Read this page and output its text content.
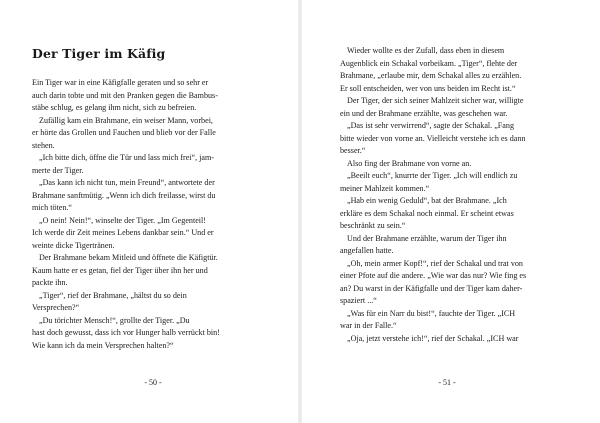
Der Tiger im Käfig
Ein Tiger war in eine Käfigfalle geraten und so sehr er
auch darin tobte und mit den Pranken gegen die Bambus-
stäbe schlug, es gelang ihm nicht, sich zu befreien.
Zufällig kam ein Brahmane, ein weiser Mann, vorbei,
er hörte das Grollen und Fauchen und blieb vor der Falle
stehen.
„Ich bitte dich, öffne die Tür und lass mich frei“, jam-
merte der Tiger.
„Das kann ich nicht tun, mein Freund“, antwortete der
Brahmane sanftmütig. „Wenn ich dich freilasse, wirst du
mich töten.“
„O nein! Nein!“, winselte der Tiger. „Im Gegenteil!
Ich werde dir Zeit meines Lebens dankbar sein.“ Und er
weinte dicke Tigertränen.
Der Brahmane bekam Mitleid und öffnete die Käfigtür.
Kaum hatte er es getan, fiel der Tiger über ihn her und
packte ihn.
„Tiger“, rief der Brahmane, „hältst du so dein
Versprechen?“
„Du törichter Mensch!“, grollte der Tiger. „Du
hast doch gewusst, dass ich vor Hunger halb verrückt bin!
Wie kann ich da mein Versprechen halten?“
- 50 -
Wieder wollte es der Zufall, dass eben in diesem
Augenblick ein Schakal vorbeikam. „Tiger“, flehte der
Brahmane, „erlaube mir, dem Schakal alles zu erzählen.
Er soll entscheiden, wer von uns beiden im Recht ist.“
Der Tiger, der sich seiner Mahlzeit sicher war, willigte
ein und der Brahmane erzählte, was geschehen war.
„Das ist sehr verwirrend“, sagte der Schakal. „Fang
bitte wieder von vorne an. Vielleicht verstehe ich es dann
besser.“
Also fing der Brahmane von vorne an.
„Beeilt euch“, knurrte der Tiger. „Ich will endlich zu
meiner Mahlzeit kommen.“
„Hab ein wenig Geduld“, bat der Brahmane. „Ich
erkläre es dem Schakal noch einmal. Er scheint etwas
beschränkt zu sein.“
Und der Brahmane erzählte, warum der Tiger ihn
angefallen hatte.
„Oh, mein armer Kopf!“, rief der Schakal und trat von
einer Pfote auf die andere. „Wie war das nur? Wie fing es
an? Du warst in der Käfigfalle und der Tiger kam daher-
spaziert ...“
„Was für ein Narr du bist!“, fauchte der Tiger. „ICH
war in der Falle.“
„Oja, jetzt verstehe ich!“, rief der Schakal. „ICH war
- 51 -
